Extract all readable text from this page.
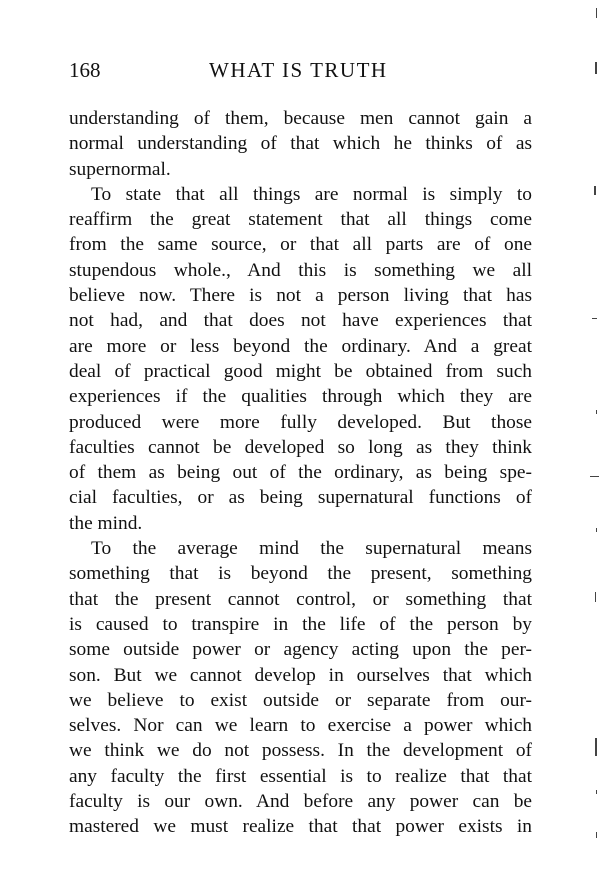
168	WHAT IS TRUTH
understanding of them, because men cannot gain a
normal understanding of that which he thinks of as
supernormal.
To state that all things are normal is simply to
reaffirm the great statement that all things come
from the same source, or that all parts are of one
stupendous whole., And this is something we all
believe now. There is not a person living that has
not had, and that does not have experiences that
are more or less beyond the ordinary. And a great
deal of practical good might be obtained from such
experiences if the qualities through which they are
produced were more fully developed. But those
faculties cannot be developed so long as they think
of them as being out of the ordinary, as being spe-
cial faculties, or as being supernatural functions of
the mind.
To the average mind the supernatural means
something that is beyond the present, something
that the present cannot control, or something that
is caused to transpire in the life of the person by
some outside power or agency acting upon the per-
son. But we cannot develop in ourselves that which
we believe to exist outside or separate from our-
selves. Nor can we learn to exercise a power which
we think we do not possess. In the development of
any faculty the first essential is to realize that that
faculty is our own. And before any power can be
mastered we must realize that that power exists in
